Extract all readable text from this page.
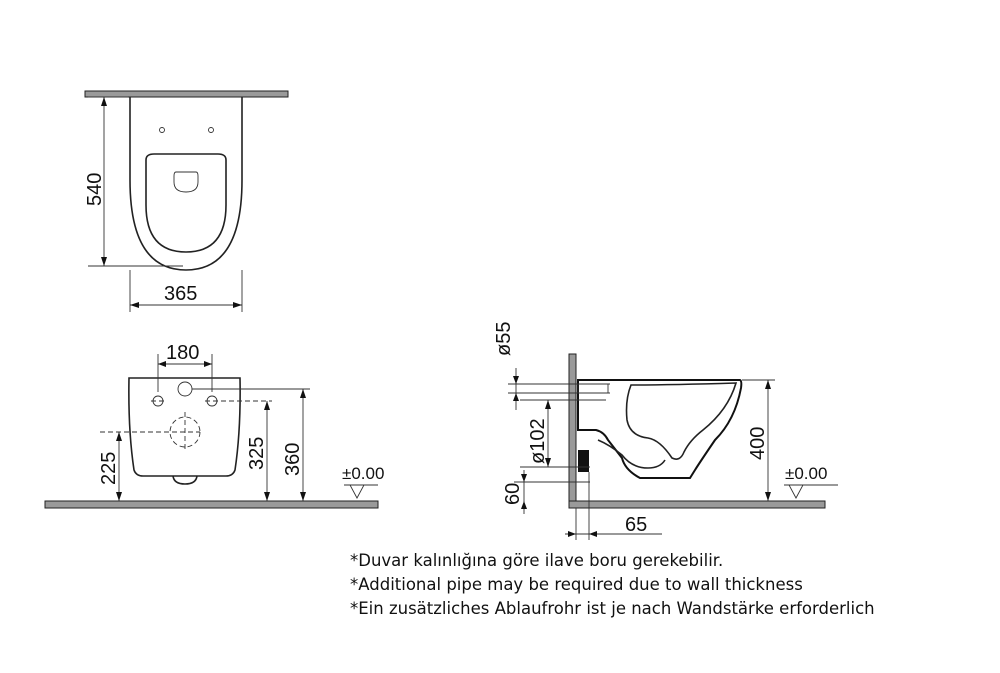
540
365
180
225	325 360 ±0.00
ø55
ø102
60
65
400
±0.00
*Duvar kalınlığına göre ilave boru gerekebilir.
*Additional pipe may be required due to wall thickness
*Ein zusätzliches Ablaufrohr ist je nach Wandstärke erforderlich
